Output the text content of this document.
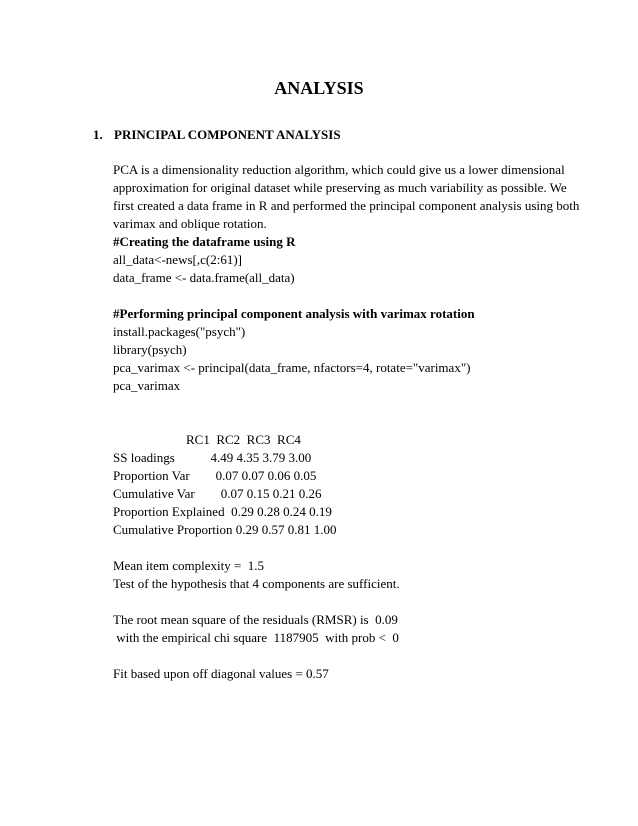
ANALYSIS
1. PRINCIPAL COMPONENT ANALYSIS
PCA is a dimensionality reduction algorithm, which could give us a lower dimensional
approximation for original dataset while preserving as much variability as possible. We
first created a data frame in R and performed the principal component analysis using both
varimax and oblique rotation.
#Creating the dataframe using R
all_data<-news[,c(2:61)]
data_frame <- data.frame(all_data)
#Performing principal component analysis with varimax rotation
install.packages("psych")
library(psych)
pca_varimax <- principal(data_frame, nfactors=4, rotate="varimax")
pca_varimax
RC1  RC2  RC3  RC4
SS loadings           4.49 4.35 3.79 3.00
Proportion Var        0.07 0.07 0.06 0.05
Cumulative Var        0.07 0.15 0.21 0.26
Proportion Explained  0.29 0.28 0.24 0.19
Cumulative Proportion 0.29 0.57 0.81 1.00
Mean item complexity =  1.5
Test of the hypothesis that 4 components are sufficient.
The root mean square of the residuals (RMSR) is  0.09
with the empirical chi square  1187905  with prob <  0
Fit based upon off diagonal values = 0.57
